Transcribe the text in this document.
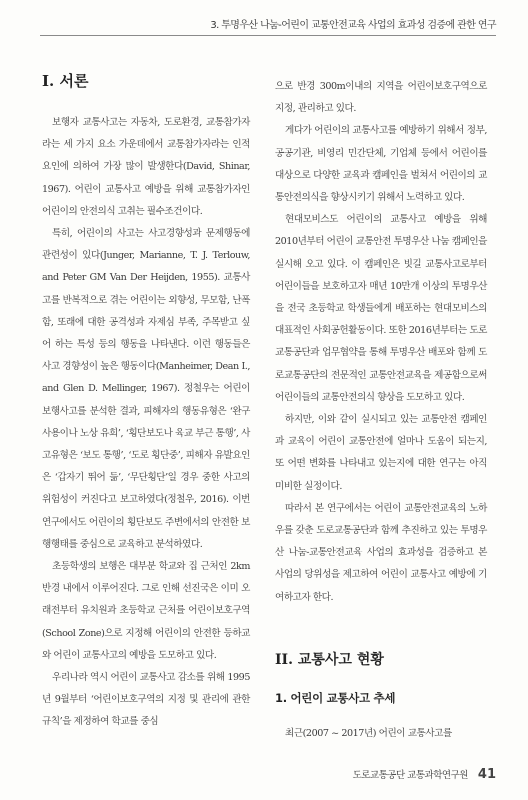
3. 투명우산 나눔-어린이 교통안전교육 사업의 효과성 검증에 관한 연구
I. 서론

보행자 교통사고는 자동차, 도로환경, 교통참가자 라는 세 가지 요소 가운데에서 교통참가자라는 인적 요인에 의하여 가장 많이 발생한다(David, Shinar, 1967). 어린이 교통사고 예방을 위해 교통참가자인 어린이의 안전의식 고취는 필수조건이다.

특히, 어린이의 사고는 사고경향성과 문제행동에 관련성이 있다(Junger, Marianne, T. J. Terlouw, and Peter GM Van Der Heijden, 1955). 교통사고를 반복적으로 겪는 어린이는 외향성, 무모함, 난폭함, 또래에 대한 공격성과 자제심 부족, 주목받고 싶어 하는 특성 등의 행동을 나타낸다. 이런 행동들은 사고 경향성이 높은 행동이다(Manheimer, Dean I., and Glen D. Mellinger, 1967). 정철우는 어린이 보행사고를 분석한 결과, 피해자의 행동유형은 ‘완구사용이나 노상 유희’, ‘횡단보도나 육교 부근 통행’, 사고유형은 ‘보도 통행’, ‘도로 횡단중’, 피해자 유발요인은 ‘갑자기 뛰어 듦’, ‘무단횡단’일 경우 중한 사고의 위험성이 커진다고 보고하였다(정철우, 2016). 이번 연구에서도 어린이의 횡단보도 주변에서의 안전한 보행행태를 중심으로 교육하고 분석하였다.

초등학생의 보행은 대부분 학교와 집 근처인 2km 반경 내에서 이루어진다. 그로 인해 선진국은 이미 오래전부터 유치원과 초등학교 근처를 어린이보호구역(School Zone)으로 지정해 어린이의 안전한 등하교와 어린이 교통사고의 예방을 도모하고 있다.

우리나라 역시 어린이 교통사고 감소를 위해 1995년 9월부터 ‘어린이보호구역의 지정 및 관리에 관한 규칙’을 제정하여 학교를 중심

으로 반경 300m이내의 지역을 어린이보호구역으로 지정, 관리하고 있다.

게다가 어린이의 교통사고를 예방하기 위해서 정부, 공공기관, 비영리 민간단체, 기업체 등에서 어린이를 대상으로 다양한 교육과 캠페인을 벌쳐서 어린이의 교통안전의식을 향상시키기 위해서 노력하고 있다.

현대모비스도 어린이의 교통사고 예방을 위해 2010년부터 어린이 교통안전 투명우산 나눔 캠페인을 실시해 오고 있다. 이 캠페인은 빗길 교통사고로부터 어린이들을 보호하고자 매년 10만개 이상의 투명우산을 전국 초등학교 학생들에게 배포하는 현대모비스의 대표적인 사회공헌활동이다. 또한 2016년부터는 도로교통공단과 업무협약을 통해 투명우산 배포와 함께 도로교통공단의 전문적인 교통안전교육을 제공함으로써 어린이들의 교통안전의식 향상을 도모하고 있다.

하지만, 이와 같이 실시되고 있는 교통안전 캠페인과 교육이 어린이 교통안전에 얼마나 도움이 되는지, 또 어떤 변화를 나타내고 있는지에 대한 연구는 아직 미비한 실정이다.

따라서 본 연구에서는 어린이 교통안전교육의 노하우를 갖춘 도로교통공단과 함께 추진하고 있는 투명우산 나눔-교통안전교육 사업의 효과성을 검증하고 본 사업의 당위성을 제고하여 어린이 교통사고 예방에 기여하고자 한다.

II. 교통사고 현황
1. 어린이 교통사고 추세

최근(2007 ~ 2017년) 어린이 교통사고를

도로교통공단 교통과학연구원 41
